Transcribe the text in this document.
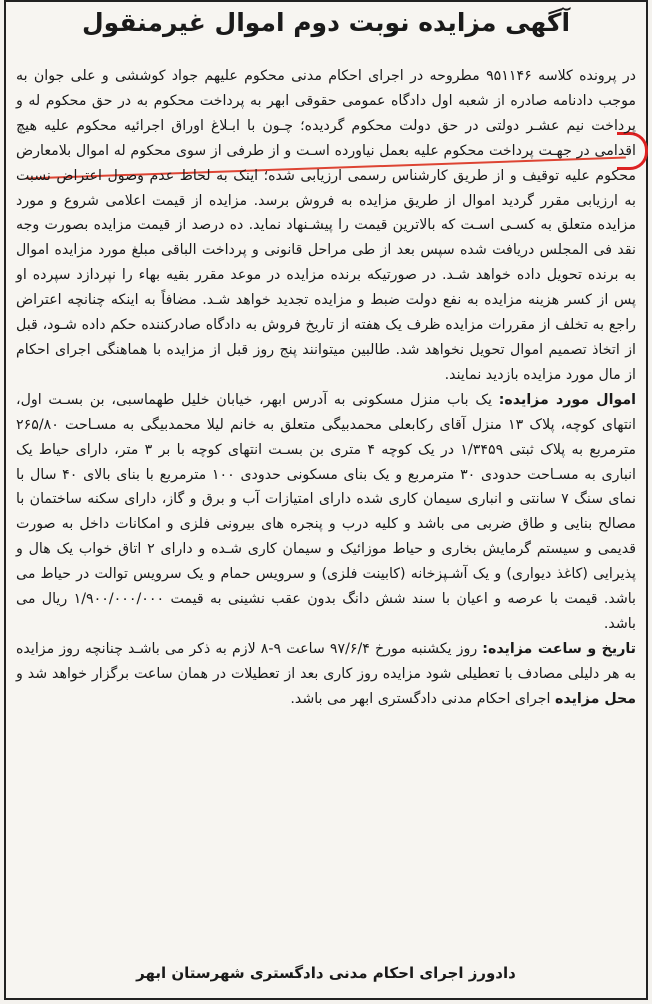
آگهی مزایده نوبت دوم اموال غیرمنقول

در پرونده کلاسه ۹۵۱۱۴۶ مطروحه در اجرای احکام مدنی محکوم علیهم جواد کوششی و علی جوان به موجب دادنامه صادره از شعبه اول دادگاه عمومی حقوقی ابهر به پرداخت محکوم به در حق محکوم له و پرداخت نیم عشـر دولتی در حق دولت محکوم گردیده؛ چـون با ابـلاغ اوراق اجرائیه محکوم علیه هیچ اقدامی در جهـت پرداخت محکوم علیه بعمل نیاورده اسـت و از طرفی از سوی محکوم له اموال بلامعارض محکوم علیه توقیف و از طریق کارشناس رسمی ارزیابی شده؛ اینک به لحاظ عدم وصول اعتراض نسبت به ارزیابی مقرر گردید اموال از طریق مزایده به فروش برسد. مزایده از قیمت اعلامی شروع و مورد مزایده متعلق به کسـی اسـت که بالاترین قیمت را پیشـنهاد نماید. ده درصد از قیمت مزایده بصورت وجه نقد فی المجلس دریافت شده سپس بعد از طی مراحل قانونی و پرداخت الباقی مبلغ مورد مزایده اموال به برنده تحویل داده خواهد شـد. در صورتیکه برنده مزایده در موعد مقرر بقیه بهاء را نپردازد سپرده او پس از کسر هزینه مزایده به نفع دولت ضبط و مزایده تجدید خواهد شـد. مضافاً به اینکه چنانچه اعتراض راجع به تخلف از مقررات مزایده ظرف یک هفته از تاریخ فروش به دادگاه صادرکننده حکم داده شـود، قبل از اتخاذ تصمیم اموال تحویل نخواهد شد. طالبین میتوانند پنج روز قبل از مزایده با هماهنگی اجرای احکام از مال مورد مزایده بازدید نمایند.

اموال مورد مزایده: یک باب منزل مسکونی به آدرس ابهر، خیابان خلیل طهماسبی، بن بسـت اول، انتهای کوچه، پلاک ۱۳ منزل آقای رکابعلی محمدبیگی متعلق به خانم لیلا محمدبیگی به مسـاحت ۲۶۵/۸۰ مترمربع به پلاک ثبتی ۱/۳۴۵۹ در یک کوچه ۴ متری بن بسـت انتهای کوچه با بر ۳ متر، دارای حیاط یک انباری به مسـاحت حدودی ۳۰ مترمربع و یک بنای مسکونی حدودی ۱۰۰ مترمربع با بنای بالای ۴۰ سال با نمای سنگ ۷ سانتی و انباری سیمان کاری شده دارای امتیازات آب و برق و گاز، دارای سکنه ساختمان با مصالح بنایی و طاق ضربی می باشد و کلیه درب و پنجره های بیرونی فلزی و امکانات داخل به صورت قدیمی و سیستم گرمایش بخاری و حیاط موزائیک و سیمان کاری شـده و دارای ۲ اتاق خواب یک هال و پذیرایی (کاغذ دیواری) و یک آشـپزخانه (کابینت فلزی) و سرویس حمام و یک سرویس توالت در حیاط می باشد. قیمت با عرصه و اعیان با سند شش دانگ بدون عقب نشینی به قیمت ۱/۹۰۰/۰۰۰/۰۰۰ ریال می باشد.

تاریخ و ساعت مزایده: روز یکشنبه مورخ ۹۷/۶/۴ ساعت ۹-۸ لازم به ذکر می باشـد چنانچه روز مزایده به هر دلیلی مصادف با تعطیلی شود مزایده روز کاری بعد از تعطیلات در همان ساعت برگزار خواهد شد و محل مزایده اجرای احکام مدنی دادگستری ابهر می باشد.

دادورز اجرای احکام مدنی دادگستری شهرستان ابهر
